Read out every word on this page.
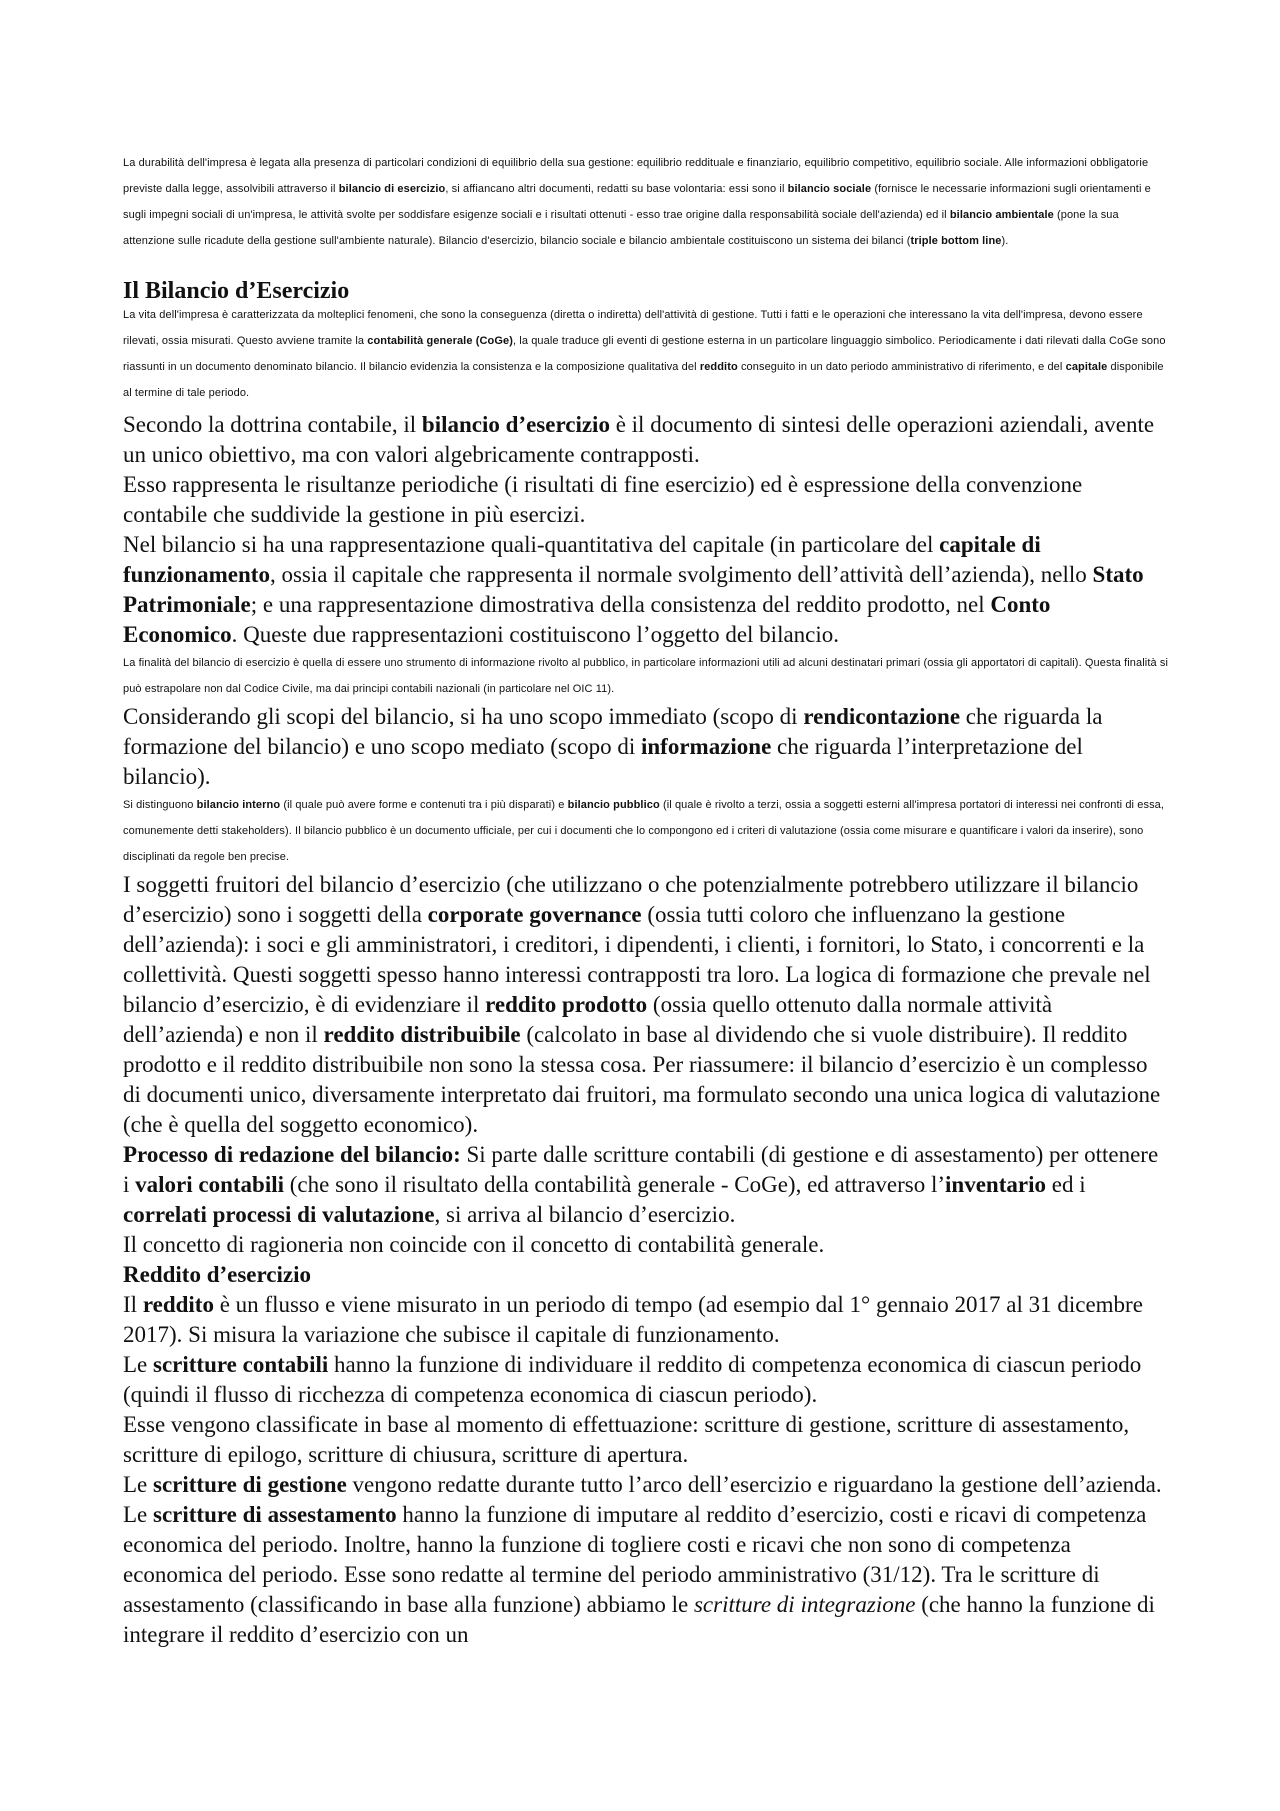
La durabilità dell'impresa è legata alla presenza di particolari condizioni di equilibrio della sua gestione: equilibrio reddituale e finanziario, equilibrio competitivo, equilibrio sociale. Alle informazioni obbligatorie previste dalla legge, assolvibili attraverso il bilancio di esercizio, si affiancano altri documenti, redatti su base volontaria: essi sono il bilancio sociale (fornisce le necessarie informazioni sugli orientamenti e sugli impegni sociali di un'impresa, le attività svolte per soddisfare esigenze sociali e i risultati ottenuti - esso trae origine dalla responsabilità sociale dell'azienda) ed il bilancio ambientale (pone la sua attenzione sulle ricadute della gestione sull'ambiente naturale). Bilancio d'esercizio, bilancio sociale e bilancio ambientale costituiscono un sistema dei bilanci (triple bottom line).

Il Bilancio d’Esercizio

La vita dell'impresa è caratterizzata da molteplici fenomeni, che sono la conseguenza (diretta o indiretta) dell'attività di gestione. Tutti i fatti e le operazioni che interessano la vita dell'impresa, devono essere rilevati, ossia misurati. Questo avviene tramite la contabilità generale (CoGe), la quale traduce gli eventi di gestione esterna in un particolare linguaggio simbolico. Periodicamente i dati rilevati dalla CoGe sono riassunti in un documento denominato bilancio. Il bilancio evidenzia la consistenza e la composizione qualitativa del reddito conseguito in un dato periodo amministrativo di riferimento, e del capitale disponibile al termine di tale periodo.

Secondo la dottrina contabile, il bilancio d’esercizio è il documento di sintesi delle operazioni aziendali, avente un unico obiettivo, ma con valori algebricamente contrapposti.

Esso rappresenta le risultanze periodiche (i risultati di fine esercizio) ed è espressione della convenzione contabile che suddivide la gestione in più esercizi.

Nel bilancio si ha una rappresentazione quali-quantitativa del capitale (in particolare del capitale di funzionamento, ossia il capitale che rappresenta il normale svolgimento dell’attività dell’azienda), nello Stato Patrimoniale; e una rappresentazione dimostrativa della consistenza del reddito prodotto, nel Conto Economico. Queste due rappresentazioni costituiscono l’oggetto del bilancio.

La finalità del bilancio di esercizio è quella di essere uno strumento di informazione rivolto al pubblico, in particolare informazioni utili ad alcuni destinatari primari (ossia gli apportatori di capitali). Questa finalità si può estrapolare non dal Codice Civile, ma dai principi contabili nazionali (in particolare nel OIC 11).

Considerando gli scopi del bilancio, si ha uno scopo immediato (scopo di rendicontazione che riguarda la formazione del bilancio) e uno scopo mediato (scopo di informazione che riguarda l’interpretazione del bilancio).

Si distinguono bilancio interno (il quale può avere forme e contenuti tra i più disparati) e bilancio pubblico (il quale è rivolto a terzi, ossia a soggetti esterni all'impresa portatori di interessi nei confronti di essa, comunemente detti stakeholders). Il bilancio pubblico è un documento ufficiale, per cui i documenti che lo compongono ed i criteri di valutazione (ossia come misurare e quantificare i valori da inserire), sono disciplinati da regole ben precise.

I soggetti fruitori del bilancio d’esercizio (che utilizzano o che potenzialmente potrebbero utilizzare il bilancio d’esercizio) sono i soggetti della corporate governance (ossia tutti coloro che influenzano la gestione dell’azienda): i soci e gli amministratori, i creditori, i dipendenti, i clienti, i fornitori, lo Stato, i concorrenti e la collettività. Questi soggetti spesso hanno interessi contrapposti tra loro. La logica di formazione che prevale nel bilancio d’esercizio, è di evidenziare il reddito prodotto (ossia quello ottenuto dalla normale attività dell’azienda) e non il reddito distribuibile (calcolato in base al dividendo che si vuole distribuire). Il reddito prodotto e il reddito distribuibile non sono la stessa cosa. Per riassumere: il bilancio d’esercizio è un complesso di documenti unico, diversamente interpretato dai fruitori, ma formulato secondo una unica logica di valutazione (che è quella del soggetto economico).

Processo di redazione del bilancio: Si parte dalle scritture contabili (di gestione e di assestamento) per ottenere i valori contabili (che sono il risultato della contabilità generale - CoGe), ed attraverso l’inventario ed i correlati processi di valutazione, si arriva al bilancio d’esercizio.

Il concetto di ragioneria non coincide con il concetto di contabilità generale.

Reddito d’esercizio

Il reddito è un flusso e viene misurato in un periodo di tempo (ad esempio dal 1° gennaio 2017 al 31 dicembre 2017). Si misura la variazione che subisce il capitale di funzionamento.

Le scritture contabili hanno la funzione di individuare il reddito di competenza economica di ciascun periodo (quindi il flusso di ricchezza di competenza economica di ciascun periodo).

Esse vengono classificate in base al momento di effettuazione: scritture di gestione, scritture di assestamento, scritture di epilogo, scritture di chiusura, scritture di apertura.

Le scritture di gestione vengono redatte durante tutto l’arco dell’esercizio e riguardano la gestione dell’azienda. Le scritture di assestamento hanno la funzione di imputare al reddito d’esercizio, costi e ricavi di competenza economica del periodo. Inoltre, hanno la funzione di togliere costi e ricavi che non sono di competenza economica del periodo. Esse sono redatte al termine del periodo amministrativo (31/12). Tra le scritture di assestamento (classificando in base alla funzione) abbiamo le scritture di integrazione (che hanno la funzione di integrare il reddito d’esercizio con un
